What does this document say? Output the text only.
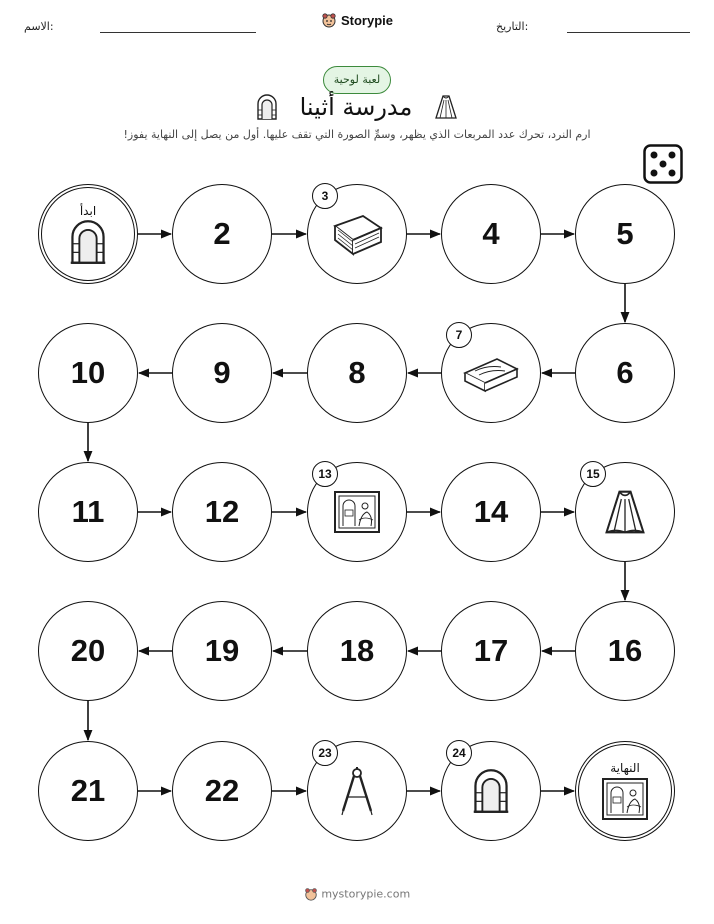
الاسم:	Storypie	التاريخ:
لعبة لوحية
مدرسة أثينا
ارم النرد، تحرك عدد المربعات الذي يظهر، وسمِّ الصورة التي تقف عليها. أول من يصل إلى النهاية يفوز!
ابدأ
2
3
4	5
6
7
8
9
10
11	12
13
14
15
16
17
18
19
20
21	22
23	24
النهاية
mystorypie.com
